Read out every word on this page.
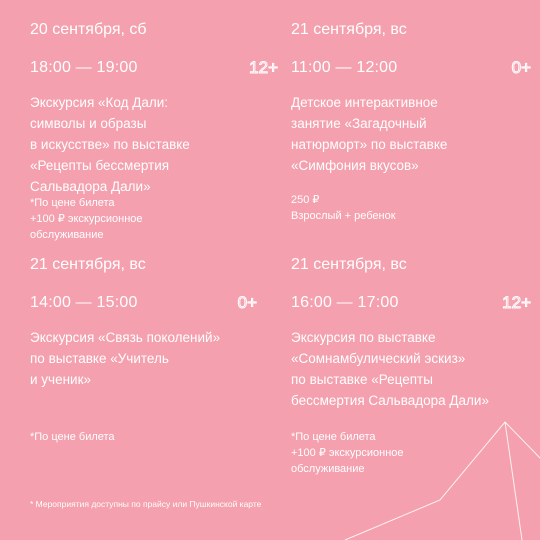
20 сентября, сб
18:00 — 19:00	12+
Экскурсия «Код Дали:
символы и образы
в искусстве» по выставке
«Рецепты бессмертия
Сальвадора Дали»
*По цене билета
+100 ₽ экскурсионное
обслуживание
21 сентября, вс
11:00 — 12:00	0+
Детское интерактивное
занятие «Загадочный
натюрморт» по выставке
«Симфония вкусов»
250 ₽
Взрослый + ребенок
21 сентября, вс
14:00 — 15:00	0+
Экскурсия «Связь поколений»
по выставке «Учитель
и ученик»
*По цене билета
21 сентября, вс
16:00 — 17:00	12+
Экскурсия по выставке
«Сомнамбулический эскиз»
по выставке «Рецепты
бессмертия Сальвадора Дали»
*По цене билета
+100 ₽ экскурсионное
обслуживание
* Мероприятия доступны по прайсу или Пушкинской карте
